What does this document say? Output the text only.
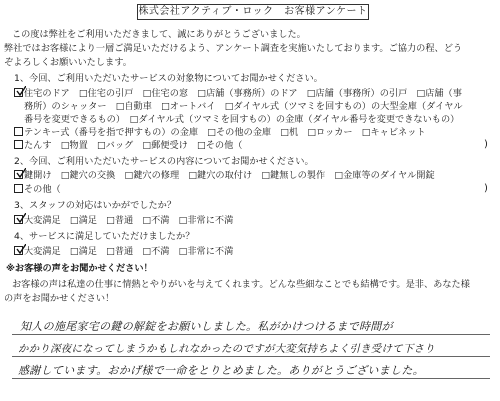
株式会社アクティブ・ロック　お客様アンケート
この度は弊社をご利用いただきまして、誠にありがとうございました。
弊社ではお客様により一層ご満足いただけるよう、アンケート調査を実施いたしております。ご協力の程、どう
ぞよろしくお願いいたします。
1、今回、ご利用いただいたサービスの対象物についてお聞かせください。
住宅のドア　□住宅の引戸　□住宅の窓　□店舗（事務所）のドア　□店舗（事務所）の引戸　□店舗（事
務所）のシャッター　□自動車　□オートバイ　□ダイヤル式（ツマミを回すもの）の大型金庫（ダイヤル
番号を変更できるもの）　□ダイヤル式（ツマミを回すもの）の金庫（ダイヤル番号を変更できないもの）
テンキー式（番号を指で押すもの）の金庫　□その他の金庫　□机　□ロッカー　□キャビネット
たんす　□物置　□バッグ　□郵便受け　□その他（	)
2、今回、ご利用いただいたサービスの内容についてお聞かせください。
鍵開け　□鍵穴の交換　□鍵穴の修理　□鍵穴の取付け　□鍵無しの製作　□金庫等のダイヤル開錠
その他（	)
3、スタッフの対応はいかがでしたか？
大変満足　□満足　□普通　□不満　□非常に不満
4、サービスに満足していただけましたか？
大変満足　□満足　□普通　□不満　□非常に不満
※お客様の声をお聞かせください！
お客様の声は私達の仕事に情熱とやりがいを与えてくれます。どんな些細なことでも結構です。是非、あなた様
の声をお聞かせください！
知人の施尾家宅の鍵の解錠をお願いしました。私がかけつけるまで時間が
かかり深夜になってしまうかもしれなかったのですが大変気持ちよく引き受けて下さり
感謝しています。おかげ様で一命をとりとめました。ありがとうございました。
